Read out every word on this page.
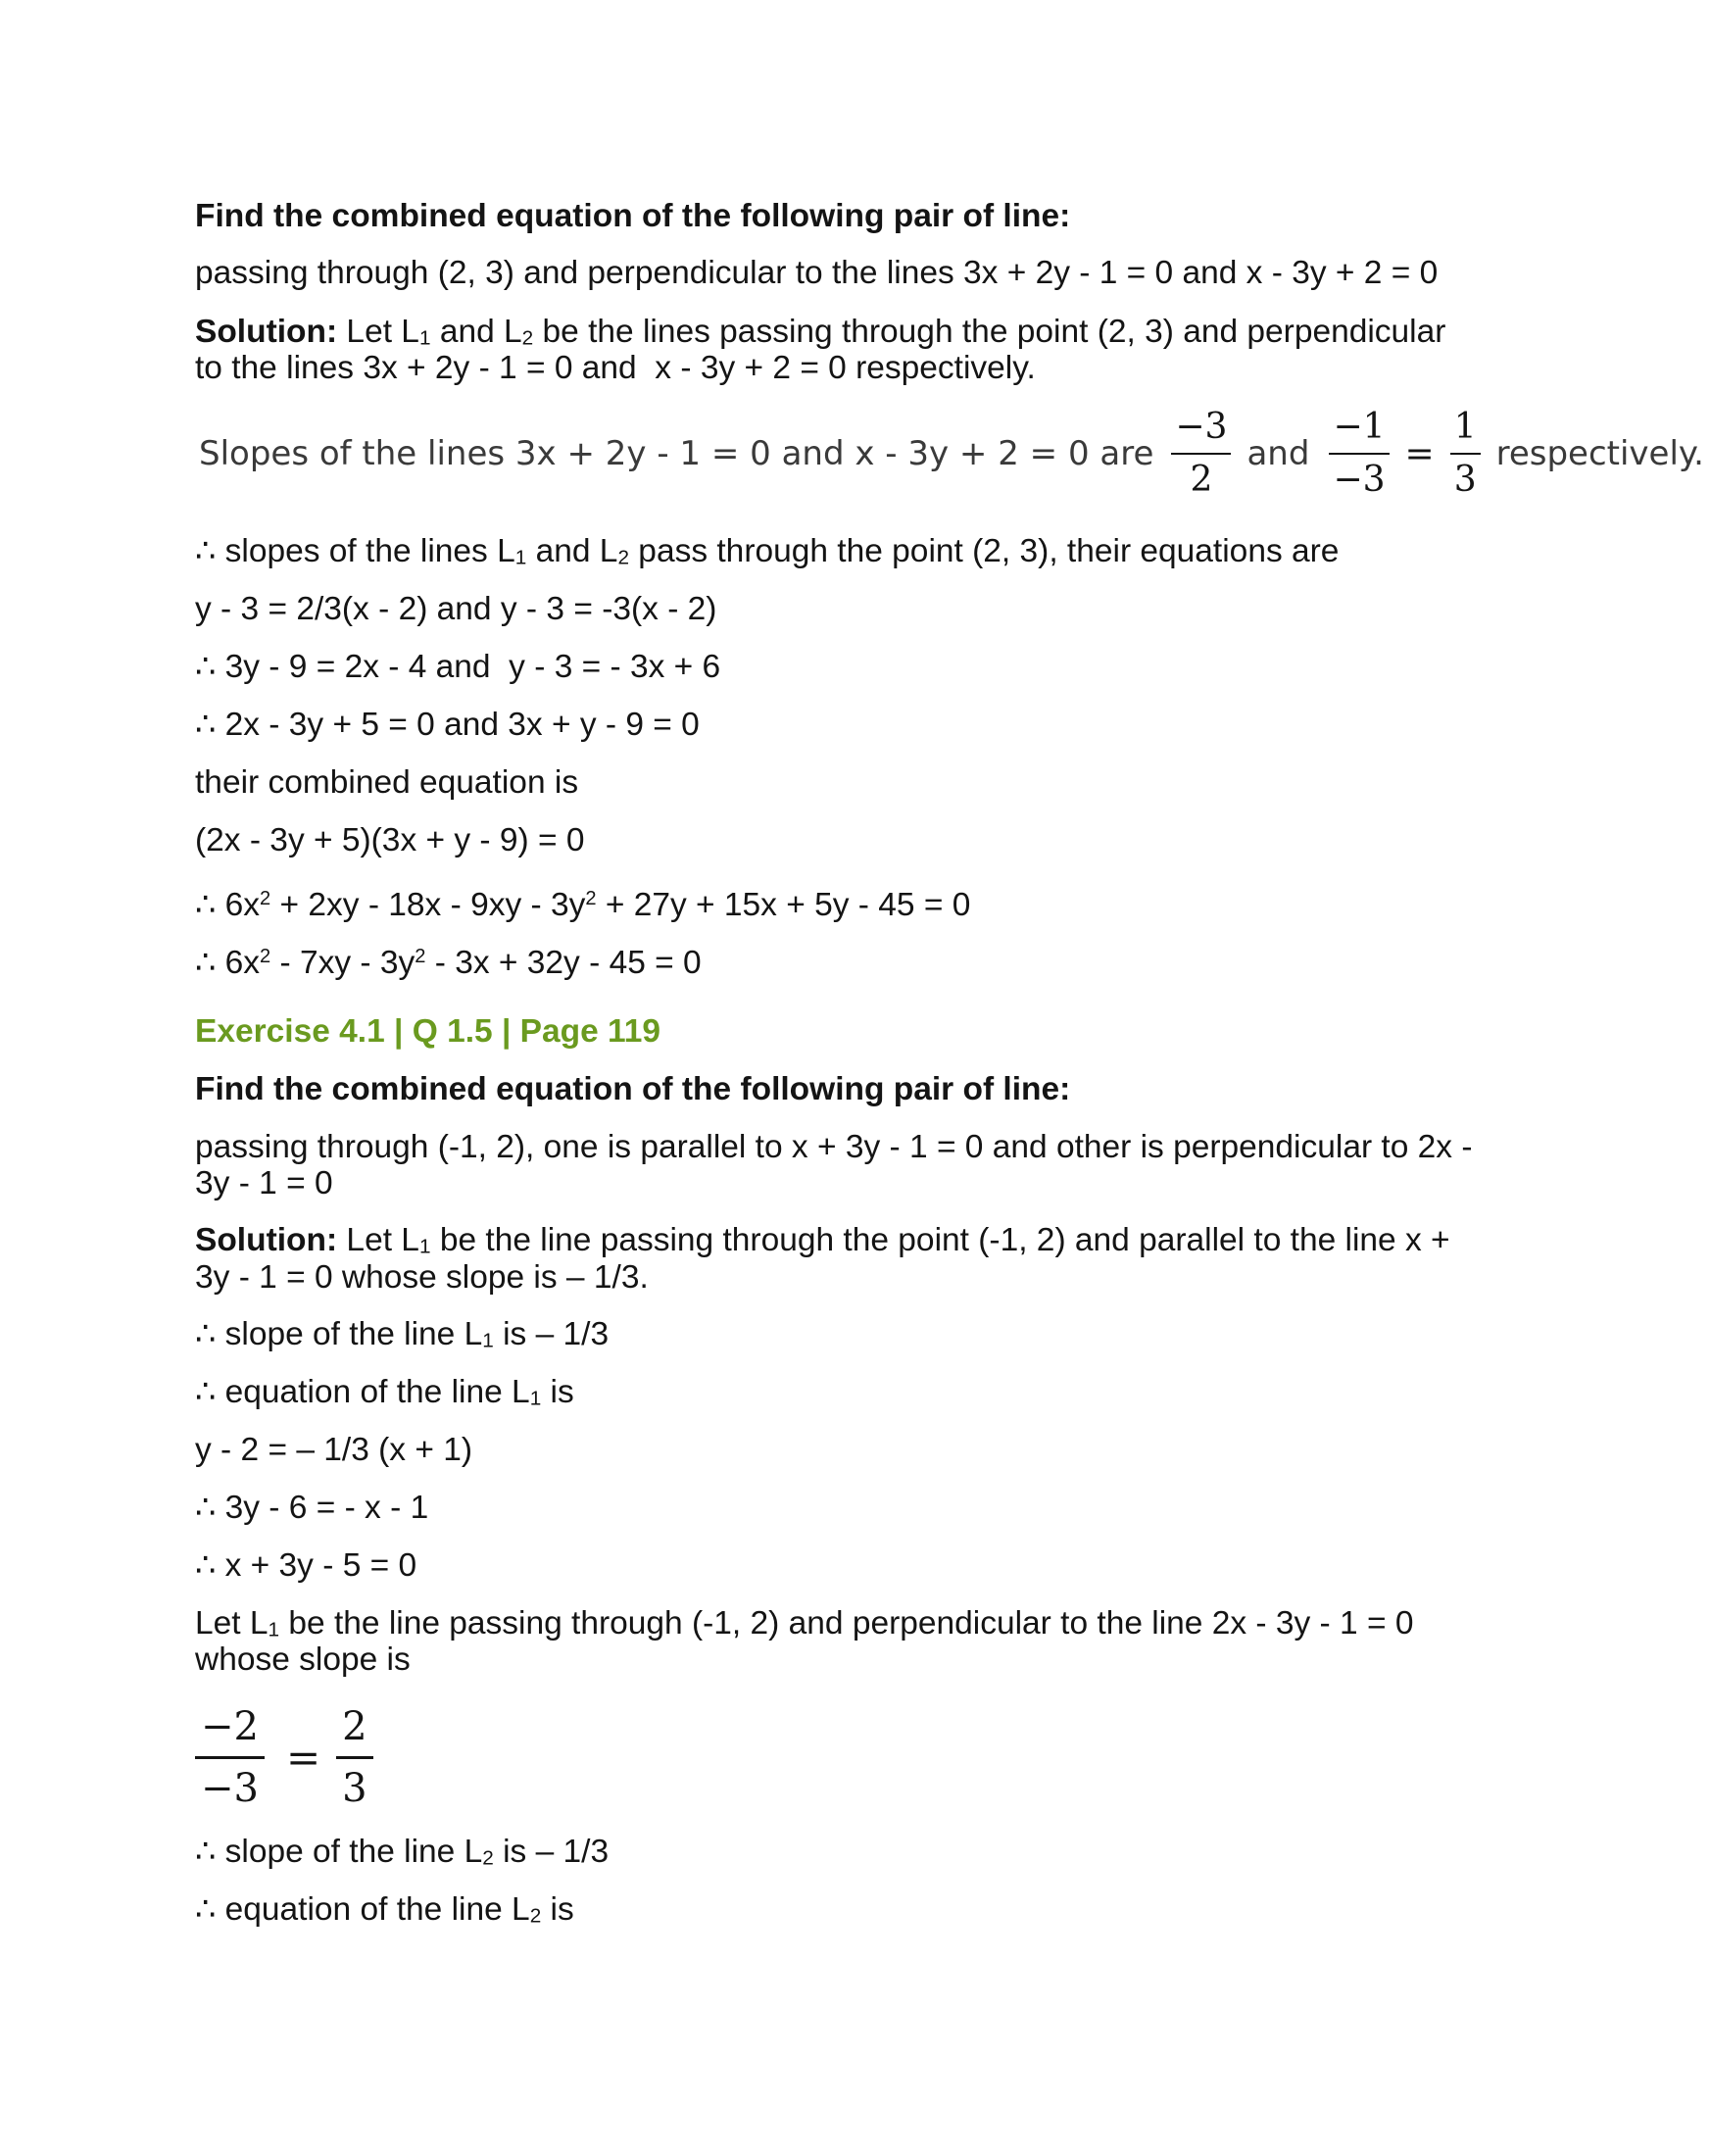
Find the combined equation of the following pair of line:
passing through (2, 3) and perpendicular to the lines 3x + 2y - 1 = 0 and x - 3y + 2 = 0
Solution: Let L1 and L2 be the lines passing through the point (2, 3) and perpendicular
to the lines 3x + 2y - 1 = 0 and  x - 3y + 2 = 0 respectively.
Slopes of the lines 3x + 2y - 1 = 0 and x - 3y + 2 = 0 are $\frac{-3}{2}$ and $\frac{-1}{-3} = \frac{1}{3}$ respectively.
∴ slopes of the lines L1 and L2 pass through the point (2, 3), their equations are
y - 3 = 2/3(x - 2) and y - 3 = -3(x - 2)
∴ 3y - 9 = 2x - 4 and  y - 3 = - 3x + 6
∴ 2x - 3y + 5 = 0 and 3x + y - 9 = 0
their combined equation is
(2x - 3y + 5)(3x + y - 9) = 0
∴ $6x^2 + 2xy - 18x - 9xy - 3y^2 + 27y + 15x + 5y - 45 = 0$
∴ $6x^2 - 7xy - 3y^2 - 3x + 32y - 45 = 0$
Exercise 4.1 | Q 1.5 | Page 119
Find the combined equation of the following pair of line:
passing through (-1, 2), one is parallel to x + 3y - 1 = 0 and other is perpendicular to 2x -
3y - 1 = 0
Solution: Let L1 be the line passing through the point (-1, 2) and parallel to the line x +
3y - 1 = 0 whose slope is – 1/3.
∴ slope of the line L1 is – 1/3
∴ equation of the line L1 is
y - 2 = – 1/3 (x + 1)
∴ 3y - 6 = - x - 1
∴ x + 3y - 5 = 0
Let L1 be the line passing through (-1, 2) and perpendicular to the line 2x - 3y - 1 = 0
whose slope is
$\frac{-2}{-3} = \frac{2}{3}$
∴ slope of the line L2 is – 1/3
∴ equation of the line L2 is
